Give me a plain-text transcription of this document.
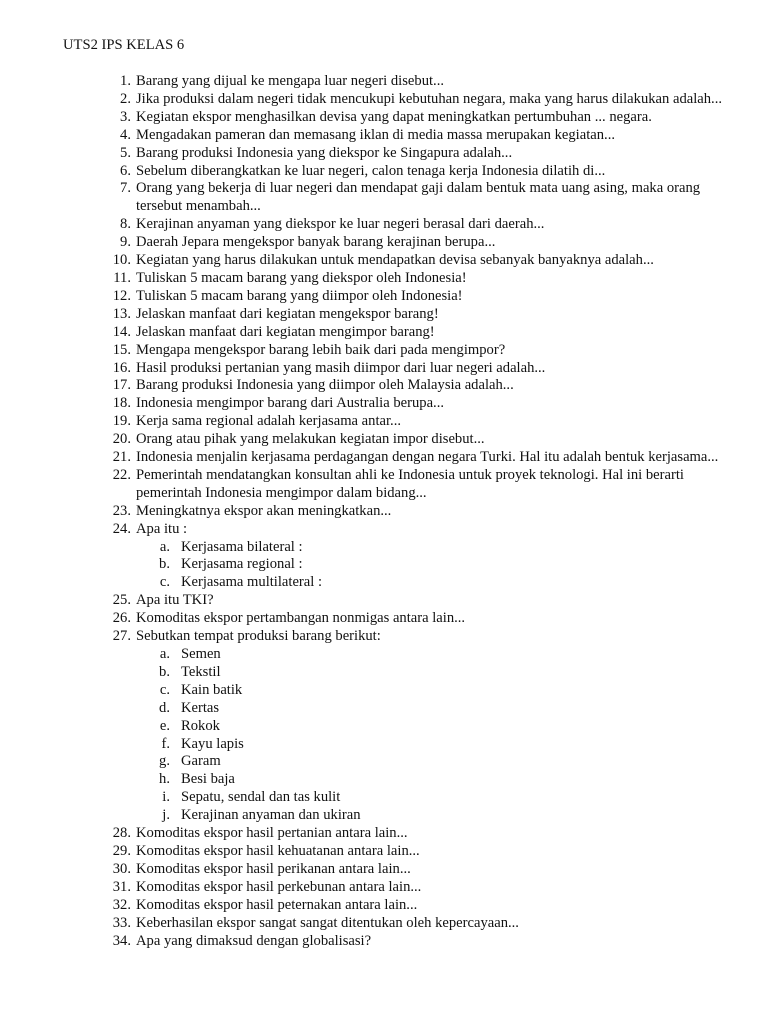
UTS2 IPS KELAS 6
1. Barang yang dijual ke mengapa luar negeri disebut...
2. Jika produksi dalam negeri tidak mencukupi kebutuhan negara, maka yang harus dilakukan adalah...
3. Kegiatan ekspor menghasilkan devisa yang dapat meningkatkan pertumbuhan ... negara.
4. Mengadakan pameran dan memasang iklan di media massa merupakan kegiatan...
5. Barang produksi Indonesia yang diekspor ke Singapura adalah...
6. Sebelum diberangkatkan ke luar negeri, calon tenaga kerja Indonesia dilatih di...
7. Orang yang bekerja di luar negeri dan mendapat gaji dalam bentuk mata uang asing, maka orang tersebut menambah...
8. Kerajinan anyaman yang diekspor ke luar negeri berasal dari daerah...
9. Daerah Jepara mengekspor banyak barang kerajinan berupa...
10. Kegiatan yang harus dilakukan untuk mendapatkan devisa sebanyak banyaknya adalah...
11. Tuliskan 5 macam barang yang diekspor oleh Indonesia!
12. Tuliskan 5 macam barang yang diimpor oleh Indonesia!
13. Jelaskan manfaat dari kegiatan mengekspor barang!
14. Jelaskan manfaat dari kegiatan mengimpor barang!
15. Mengapa mengekspor barang lebih baik dari pada mengimpor?
16. Hasil produksi pertanian yang masih diimpor dari luar negeri adalah...
17. Barang produksi Indonesia yang diimpor oleh Malaysia adalah...
18. Indonesia mengimpor barang dari Australia berupa...
19. Kerja sama regional adalah kerjasama antar...
20. Orang atau pihak yang melakukan kegiatan impor disebut...
21. Indonesia menjalin kerjasama perdagangan dengan negara Turki. Hal itu adalah bentuk kerjasama...
22. Pemerintah mendatangkan konsultan ahli ke Indonesia untuk proyek teknologi. Hal ini berarti pemerintah Indonesia mengimpor dalam bidang...
23. Meningkatnya ekspor akan meningkatkan...
24. Apa itu :
a. Kerjasama bilateral :
b. Kerjasama regional :
c. Kerjasama multilateral :
25. Apa itu TKI?
26. Komoditas ekspor pertambangan nonmigas antara lain...
27. Sebutkan tempat produksi barang berikut:
a. Semen
b. Tekstil
c. Kain batik
d. Kertas
e. Rokok
f. Kayu lapis
g. Garam
h. Besi baja
i. Sepatu, sendal dan tas kulit
j. Kerajinan anyaman dan ukiran
28. Komoditas ekspor hasil pertanian antara lain...
29. Komoditas ekspor hasil kehuatanan antara lain...
30. Komoditas ekspor hasil perikanan antara lain...
31. Komoditas ekspor hasil perkebunan antara lain...
32. Komoditas ekspor hasil peternakan antara lain...
33. Keberhasilan ekspor sangat sangat ditentukan oleh kepercayaan...
34. Apa yang dimaksud dengan globalisasi?
